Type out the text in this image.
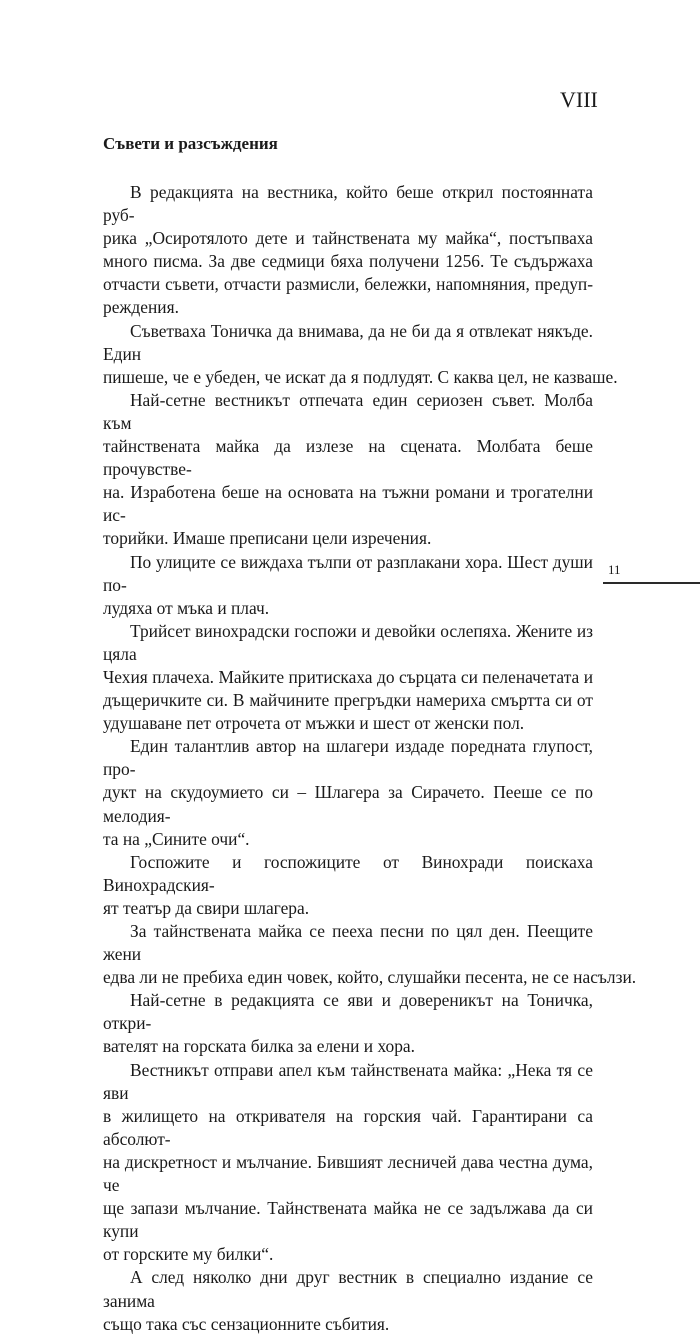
VIII
Съвети и разсъждения

В редакцията на вестника, който беше открил постоянната руб-
рика „Осиротялото дете и тайнствената му майка“, постъпваха
много писма. За две седмици бяха получени 1256. Те съдържаха
отчасти съвети, отчасти размисли, бележки, напомняния, предуп-
реждения.

Съветваха Тоничка да внимава, да не би да я отвлекат някъде. Един
пишеше, че е убеден, че искат да я подлудят. С каква цел, не казваше.

Най-сетне вестникът отпечата един сериозен съвет. Молба към
тайнствената майка да излезе на сцената. Молбата беше прочувстве-
на. Изработена беше на основата на тъжни романи и трогателни ис-
торийки. Имаше преписани цели изречения.

По улиците се виждаха тълпи от разплакани хора. Шест души по-
лудяха от мъка и плач.

Трийсет винохрадски госпожи и девойки ослепяха. Жените из цяла
Чехия плачеха. Майките притискаха до сърцата си пеленачетата и
дъщеричките си. В майчините прегръдки намериха смъртта си от
удушаване пет отрочета от мъжки и шест от женски пол.

Един талантлив автор на шлагери издаде поредната глупост, про-
дукт на скудоумието си – Шлагера за Сирачето. Пееше се по мелодия-
та на „Сините очи“.

Госпожите и госпожиците от Винохради поискаха Винохрадския-
ят театър да свири шлагера.

За тайнствената майка се пееха песни по цял ден. Пеещите жени
едва ли не пребиха един човек, който, слушайки песента, не се насълзи.

Най-сетне в редакцията се яви и довереникът на Тоничка, откри-
вателят на горската билка за елени и хора.

Вестникът отправи апел към тайнствената майка: „Нека тя се яви
в жилището на откривателя на горския чай. Гарантирани са абсолют-
на дискретност и мълчание. Бившият лесничей дава честна дума, че
ще запази мълчание. Тайнствената майка не се задължава да си купи
от горските му билки“.

А след няколко дни друг вестник в специално издание се занима
също така със сензационните събития.

11
